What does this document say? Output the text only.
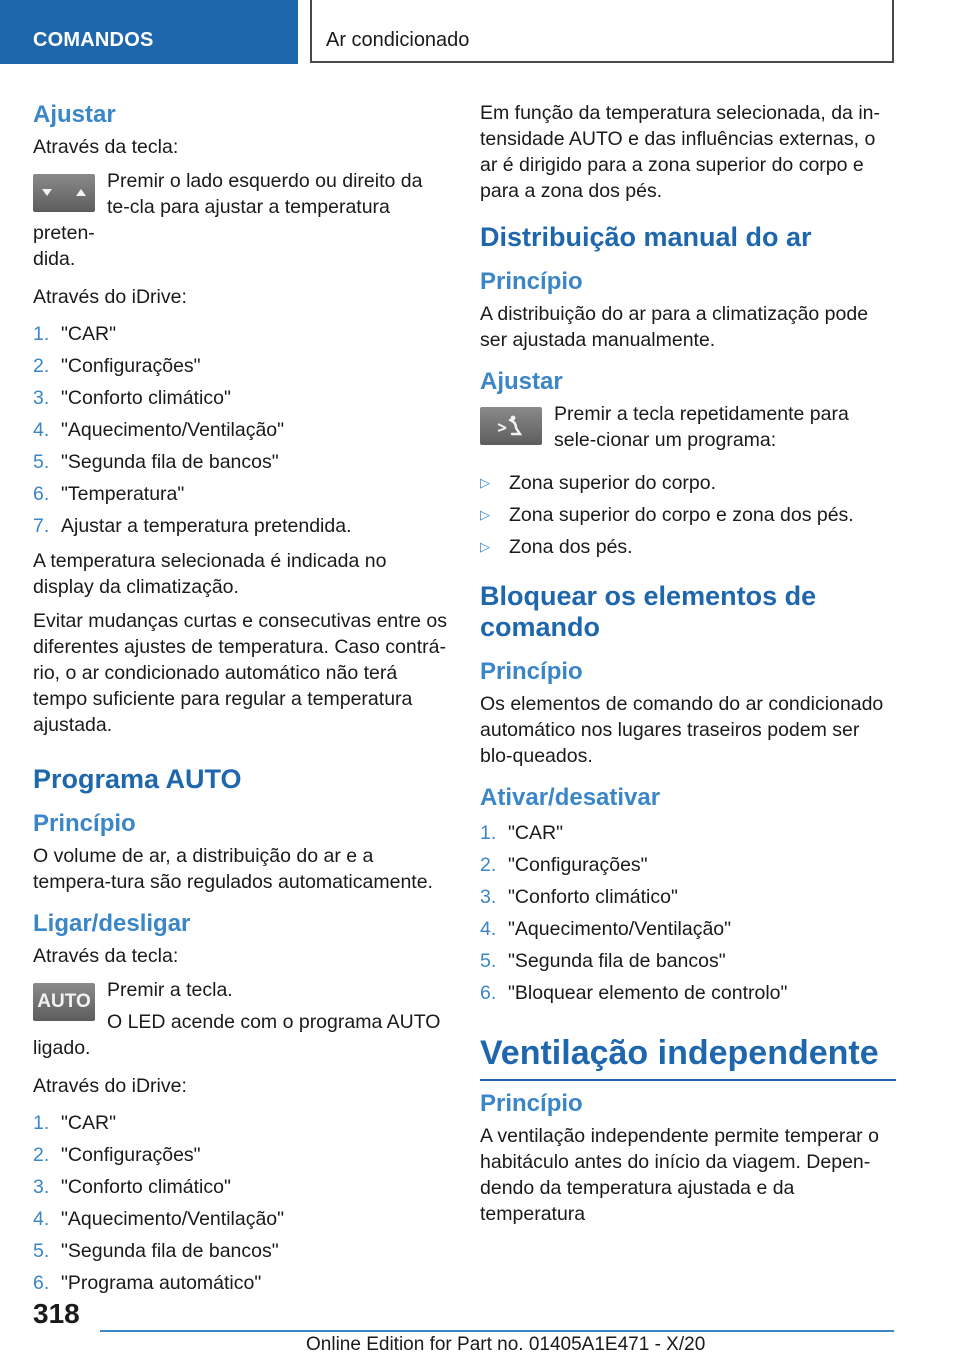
COMANDOS	Ar condicionado
Ajustar

Através da tecla:

Premir o lado esquerdo ou direito da te-cla para ajustar a temperatura preten-

dida.

Através do iDrive:

1. "CAR"
2. "Configurações"
3. "Conforto climático"
4. "Aquecimento/Ventilação"
5. "Segunda fila de bancos"
6. "Temperatura"
7. Ajustar a temperatura pretendida.

A temperatura selecionada é indicada no display da climatização.

Evitar mudanças curtas e consecutivas entre os diferentes ajustes de temperatura. Caso contrá-rio, o ar condicionado automático não terá tempo suficiente para regular a temperatura ajustada.

Programa AUTO
Princípio

O volume de ar, a distribuição do ar e a tempera-tura são regulados automaticamente.

Ligar/desligar

Através da tecla:

AUTO

Premir a tecla.

O LED acende com o programa AUTO

ligado.

Através do iDrive:

1. "CAR"
2. "Configurações"
3. "Conforto climático"
4. "Aquecimento/Ventilação"
5. "Segunda fila de bancos"
6. "Programa automático"

Em função da temperatura selecionada, da in-tensidade AUTO e das influências externas, o ar é dirigido para a zona superior do corpo e para a zona dos pés.

Distribuição manual do ar
Princípio

A distribuição do ar para a climatização pode ser ajustada manualmente.

Ajustar

Premir a tecla repetidamente para sele-cionar um programa:

▷ Zona superior do corpo.
▷ Zona superior do corpo e zona dos pés.
▷ Zona dos pés.
Bloquear os elementos de comando
Princípio

Os elementos de comando do ar condicionado automático nos lugares traseiros podem ser blo-queados.

Ativar/desativar
1. "CAR"
2. "Configurações"
3. "Conforto climático"
4. "Aquecimento/Ventilação"
5. "Segunda fila de bancos"
6. "Bloquear elemento de controlo"
Ventilação independente
Princípio

A ventilação independente permite temperar o habitáculo antes do início da viagem. Depen-dendo da temperatura ajustada e da temperatura

318
Online Edition for Part no. 01405A1E471 - X/20
